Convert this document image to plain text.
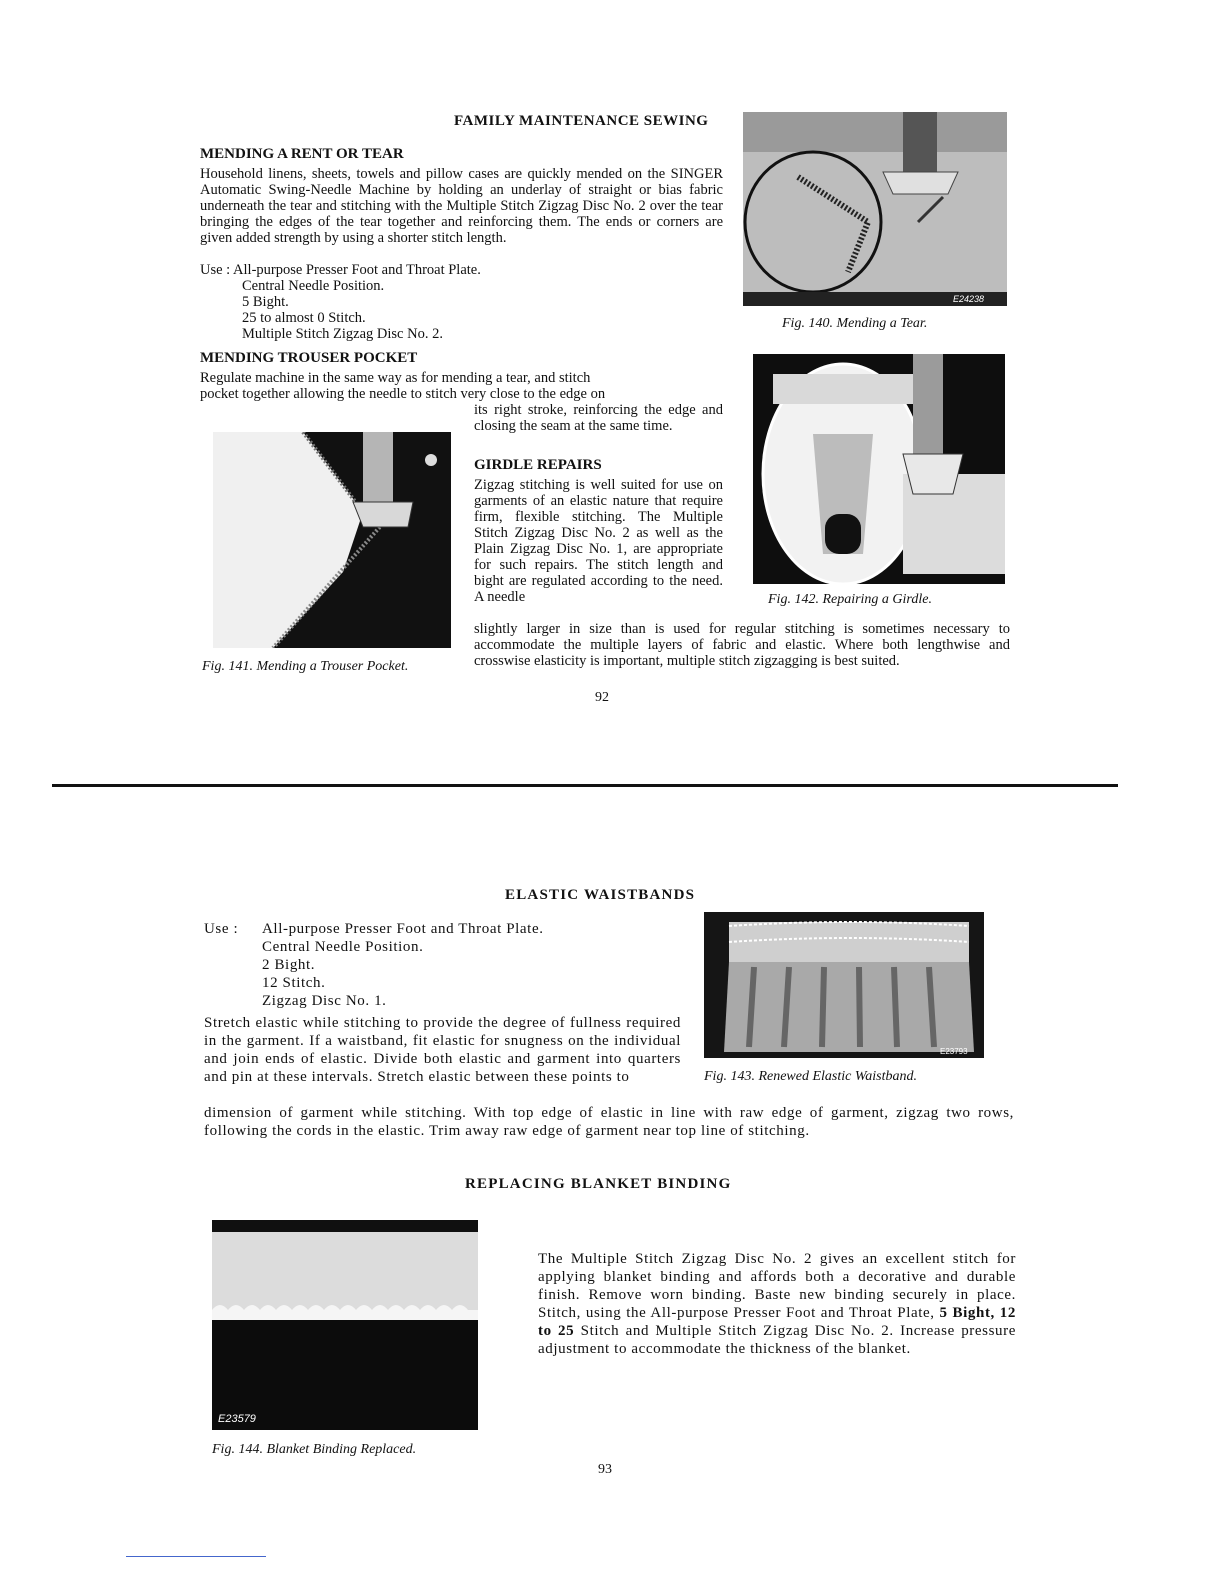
FAMILY MAINTENANCE SEWING
MENDING A RENT OR TEAR
Household linens, sheets, towels and pillow cases are quickly mended on the SINGER Automatic Swing-Needle Machine by holding an underlay of straight or bias fabric underneath the tear and stitching with the Multiple Stitch Zigzag Disc No. 2 over the tear bringing the edges of the tear together and reinforcing them. The ends or corners are given added strength by using a shorter stitch length.

Use : All-purpose Presser Foot and Throat Plate.

Central Needle Position.

5 Bight.

25 to almost 0 Stitch.

Multiple Stitch Zigzag Disc No. 2.

MENDING TROUSER POCKET
Regulate machine in the same way as for mending a tear, and stitch
pocket together allowing the needle to stitch very close to the edge on
its right stroke, reinforcing the edge and closing the seam at the same time.
GIRDLE REPAIRS
Zigzag stitching is well suited for use on garments of an elastic nature that require firm, flexible stitching. The Multiple Stitch Zigzag Disc No. 2 as well as the Plain Zigzag Disc No. 1, are appropriate for such repairs. The stitch length and bight are regulated according to the need. A needle
slightly larger in size than is used for regular stitching is sometimes necessary to accommodate the multiple layers of fabric and elastic. Where both lengthwise and crosswise elasticity is important, multiple stitch zigzagging is best suited.
E24238
Fig. 140. Mending a Tear.
Fig. 142. Repairing a Girdle.
Fig. 141. Mending a Trouser Pocket.
92
ELASTIC WAISTBANDS

Use : All-purpose Presser Foot and Throat Plate.

Central Needle Position.

2 Bight.

12 Stitch.

Zigzag Disc No. 1.

Stretch elastic while stitching to provide the degree of fullness required in the garment. If a waistband, fit elastic for snugness on the individual and join ends of elastic. Divide both elastic and garment into quarters and pin at these intervals. Stretch elastic between these points to
dimension of garment while stitching. With top edge of elastic in line with raw edge of garment, zigzag two rows, following the cords in the elastic. Trim away raw edge of garment near top line of stitching.
E23793
Fig. 143. Renewed Elastic Waistband.
REPLACING BLANKET BINDING
E23579
Fig. 144. Blanket Binding Replaced.
The Multiple Stitch Zigzag Disc No. 2 gives an excellent stitch for applying blanket binding and affords both a decorative and durable finish. Remove worn binding. Baste new binding securely in place. Stitch, using the All-purpose Presser Foot and Throat Plate, 5 Bight, 12 to 25 Stitch and Multiple Stitch Zigzag Disc No. 2. Increase pressure adjustment to accommodate the thickness of the blanket.
93
